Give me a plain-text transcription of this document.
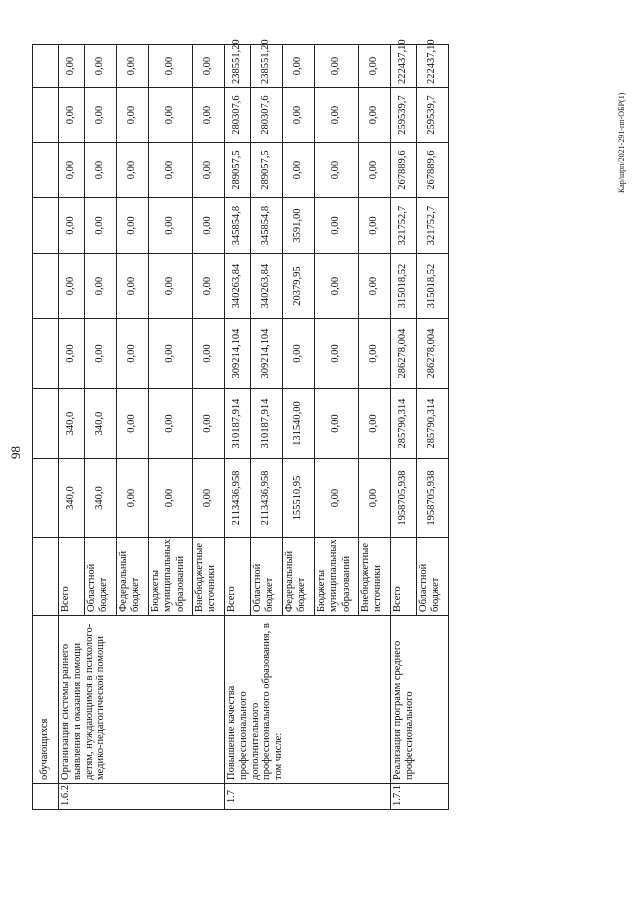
98
	обучающихся									
1.6.2	Организация системы раннего выявления и оказания помощи детям, нуждающимся в психолого-медико-педагогической помощи	Всего	340,0	340,0	0,00	0,00	0,00	0,00	0,00	0,00
		Областной бюджет	340,0	340,0	0,00	0,00	0,00	0,00	0,00	0,00
		Федеральный бюджет	0,00	0,00	0,00	0,00	0,00	0,00	0,00	0,00
		Бюджеты муниципальных образований	0,00	0,00	0,00	0,00	0,00	0,00	0,00	0,00
		Внебюджетные источники	0,00	0,00	0,00	0,00	0,00	0,00	0,00	0,00
1.7	Повышение качества профессионального дополнительного профессионального образования, в том числе:	Всего	2113436,958	310187,914	309214,104	340263,84	345854,8	289057,5	280307,6	238551,20
		Областной бюджет	2113436,958	310187,914	309214,104	340263,84	345854,8	289057,5	280307,6	238551,20
		Федеральный бюджет	155510,95	131540,00	0,00	20379,95	3591,00	0,00	0,00	0,00
		Бюджеты муниципальных образований	0,00	0,00	0,00	0,00	0,00	0,00	0,00	0,00
		Внебюджетные источники	0,00	0,00	0,00	0,00	0,00	0,00	0,00	0,00
1.7.1	Реализация программ среднего профессионального	Всего	1958705,938	285790,314	286278,004	315018,52	321752,7	267889,6	259539,7	222437,10
		Областной бюджет	1958705,938	285790,314	286278,004	315018,52	321752,7	267889,6	259539,7	222437,10
Кар/шрп/2021-291-пп-ОБР(1)
